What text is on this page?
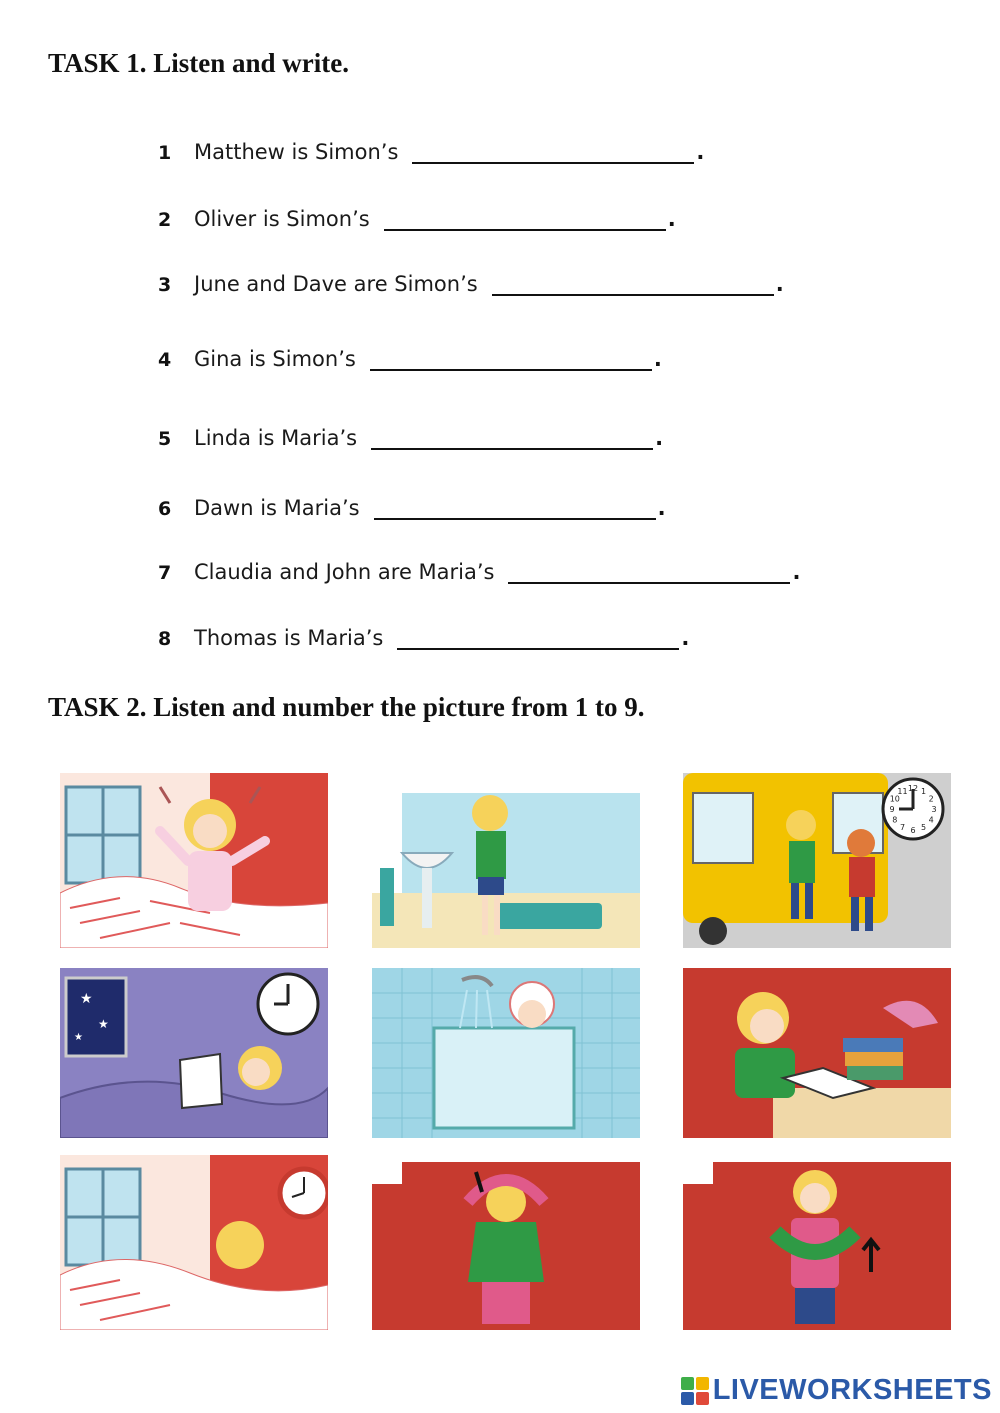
TASK 1. Listen and write.
1	Matthew is Simon’s	.
2	Oliver is Simon’s	.
3	June and Dave are Simon’s	.
4	Gina is Simon’s	.
5	Linda is Maria’s	.
6	Dawn is Maria’s	.
7	Claudia and John are Maria’s	.
8	Thomas is Maria’s	.
TASK 2. Listen and number the picture from 1 to 9.
12 1
2
3
4
5
6
7
8
9
10
11
★
★
★
LIVEWORKSHEETS
